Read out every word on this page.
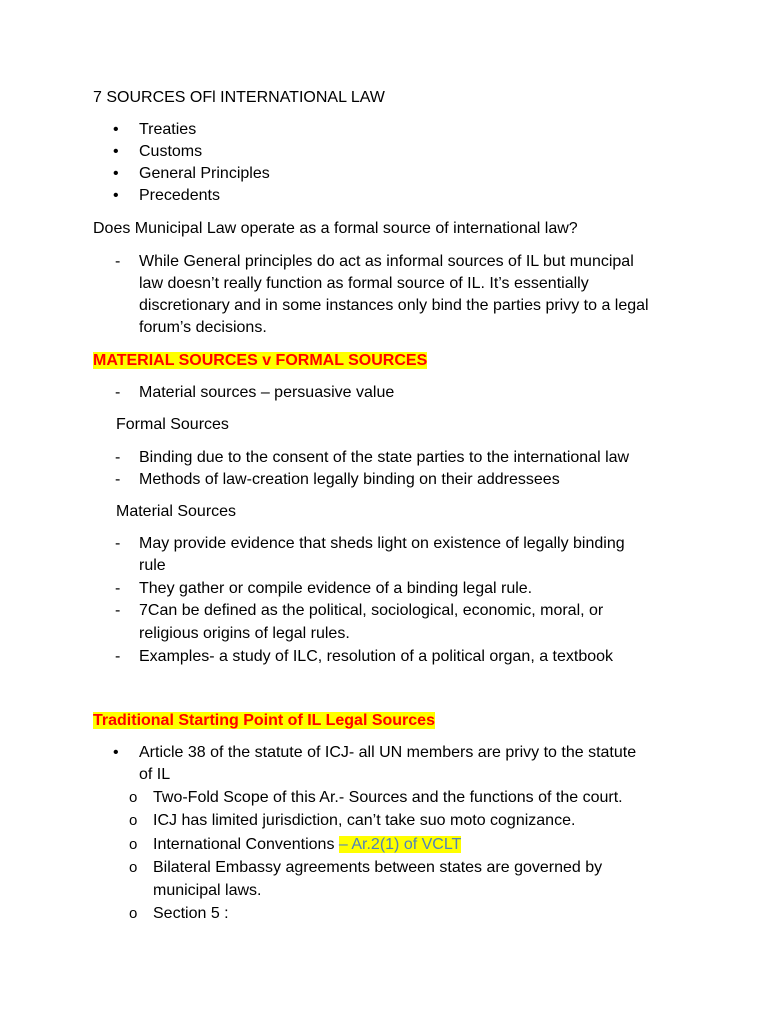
7 SOURCES OFl INTERNATIONAL LAW
• Treaties
• Customs
• General Principles
• Precedents
Does Municipal Law operate as a formal source of international law?
- While General principles do act as informal sources of IL but muncipal
law doesn’t really function as formal source of IL. It’s essentially
discretionary and in some instances only bind the parties privy to a legal
forum’s decisions.
MATERIAL SOURCES v FORMAL SOURCES
- Material sources – persuasive value
Formal Sources
- Binding due to the consent of the state parties to the international law
- Methods of law-creation legally binding on their addressees
Material Sources
- May provide evidence that sheds light on existence of legally binding
rule
- They gather or compile evidence of a binding legal rule.
- 7Can be defined as the political, sociological, economic, moral, or
religious origins of legal rules.
- Examples- a study of ILC, resolution of a political organ, a textbook
Traditional Starting Point of IL Legal Sources
• Article 38 of the statute of ICJ- all UN members are privy to the statute
of IL
o Two-Fold Scope of this Ar.- Sources and the functions of the court.
o ICJ has limited jurisdiction, can’t take suo moto cognizance.
o International Conventions – Ar.2(1) of VCLT
o Bilateral Embassy agreements between states are governed by
municipal laws.
o Section 5 :
